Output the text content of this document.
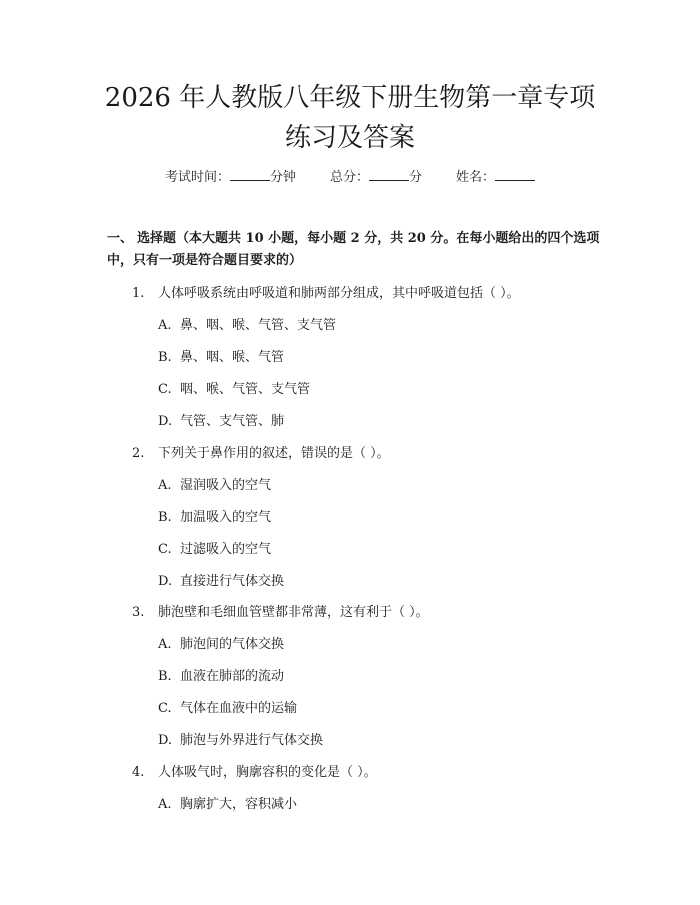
2026 年人教版八年级下册生物第一章专项练习及答案
考试时间：	分钟	总分：	分	姓名：
一、 选择题（本大题共 10 小题，每小题 2 分，共 20 分。在每小题给出的四个选项中，只有一项是符合题目要求的）
1. 人体呼吸系统由呼吸道和肺两部分组成，其中呼吸道包括（ ）。
A. 鼻、咽、喉、气管、支气管
B. 鼻、咽、喉、气管
C. 咽、喉、气管、支气管
D. 气管、支气管、肺
2. 下列关于鼻作用的叙述，错误的是（ ）。
A. 湿润吸入的空气
B. 加温吸入的空气
C. 过滤吸入的空气
D. 直接进行气体交换
3. 肺泡壁和毛细血管壁都非常薄，这有利于（ ）。
A. 肺泡间的气体交换
B. 血液在肺部的流动
C. 气体在血液中的运输
D. 肺泡与外界进行气体交换
4. 人体吸气时，胸廓容积的变化是（ ）。
A. 胸廓扩大，容积减小
